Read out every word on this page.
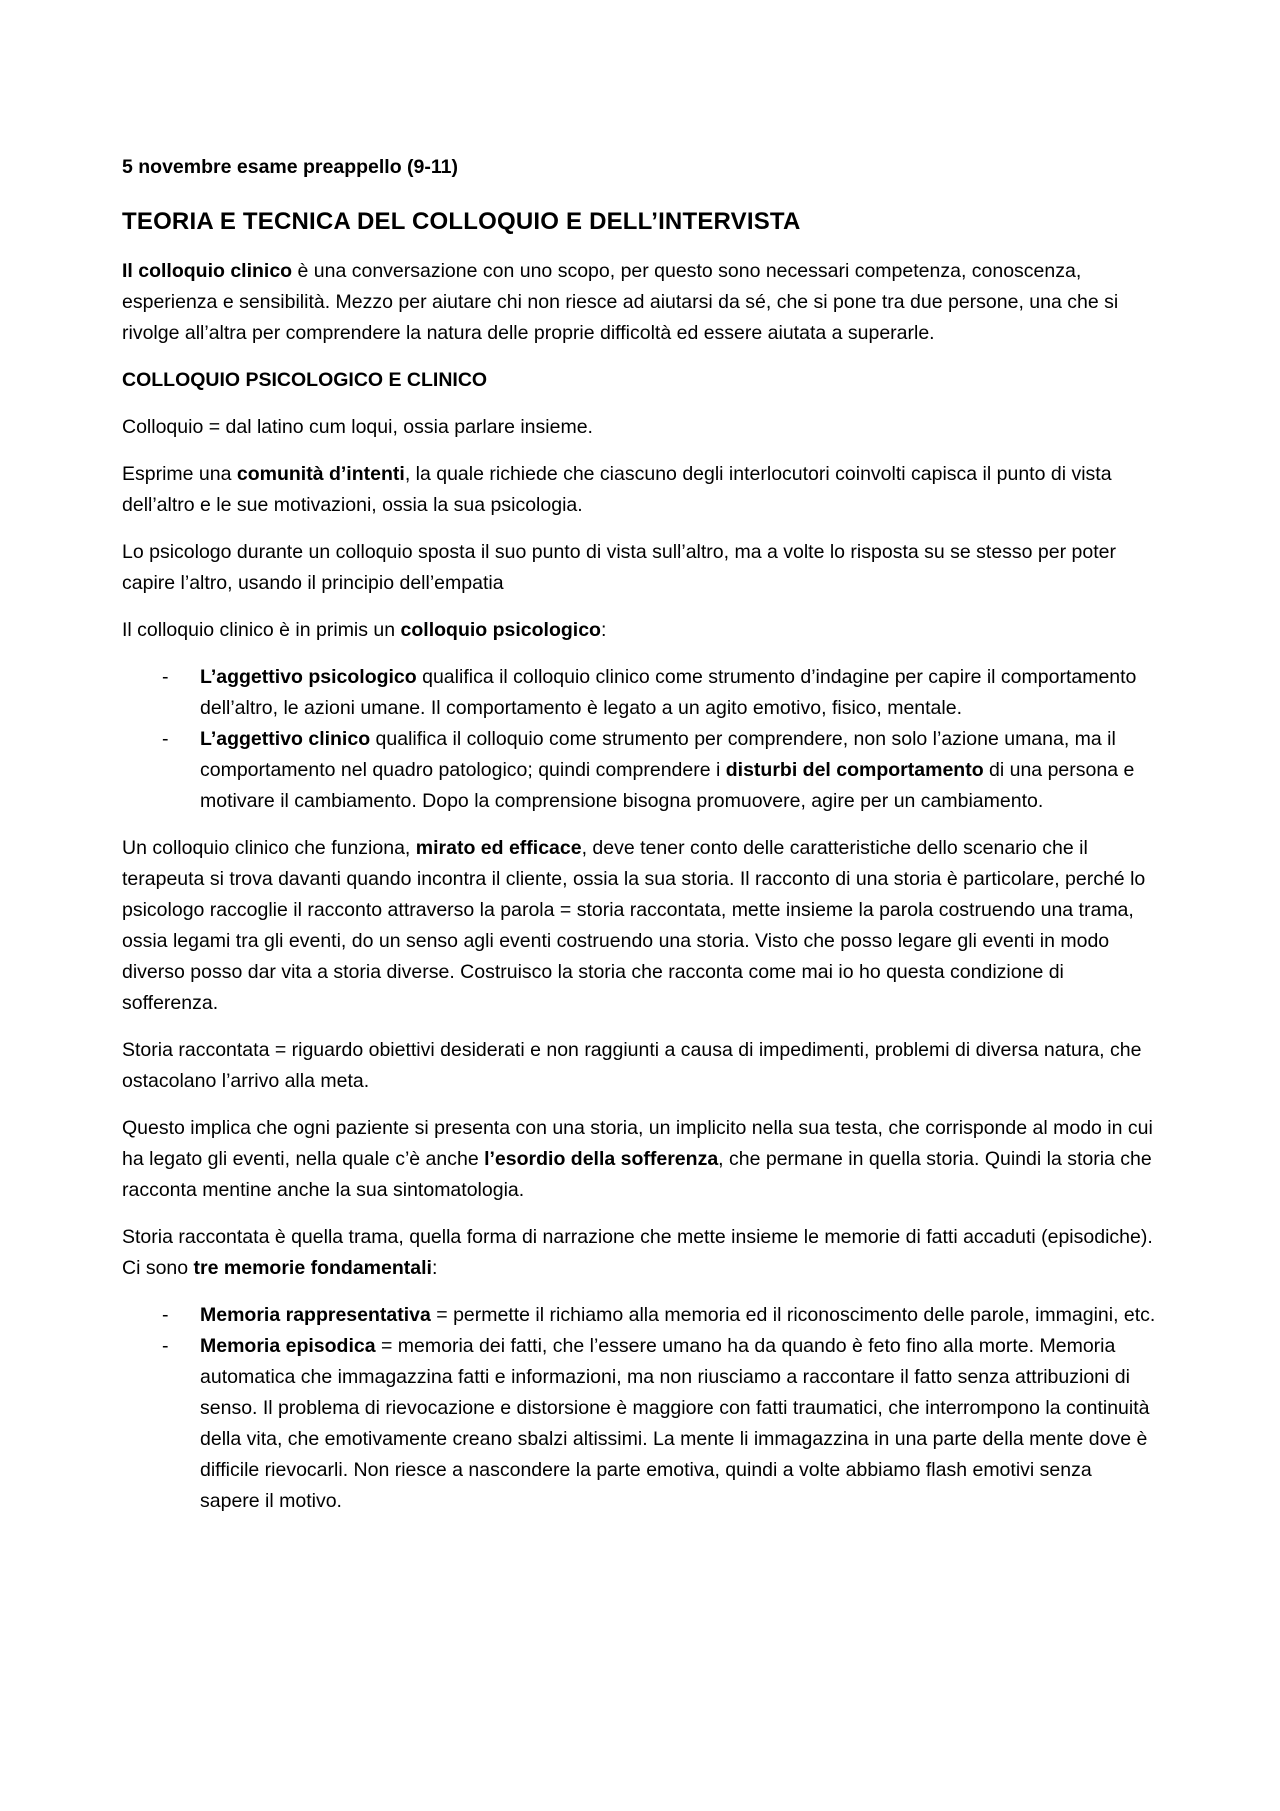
5 novembre esame preappello (9-11)
TEORIA E TECNICA DEL COLLOQUIO E DELL’INTERVISTA

Il colloquio clinico è una conversazione con uno scopo, per questo sono necessari competenza, conoscenza, esperienza e sensibilità. Mezzo per aiutare chi non riesce ad aiutarsi da sé, che si pone tra due persone, una che si rivolge all’altra per comprendere la natura delle proprie difficoltà ed essere aiutata a superarle.

COLLOQUIO PSICOLOGICO E CLINICO

Colloquio = dal latino cum loqui, ossia parlare insieme.

Esprime una comunità d’intenti, la quale richiede che ciascuno degli interlocutori coinvolti capisca il punto di vista dell’altro e le sue motivazioni, ossia la sua psicologia.

Lo psicologo durante un colloquio sposta il suo punto di vista sull’altro, ma a volte lo risposta su se stesso per poter capire l’altro, usando il principio dell’empatia

Il colloquio clinico è in primis un colloquio psicologico:

- L’aggettivo psicologico qualifica il colloquio clinico come strumento d’indagine per capire il comportamento dell’altro, le azioni umane. Il comportamento è legato a un agito emotivo, fisico, mentale.
- L’aggettivo clinico qualifica il colloquio come strumento per comprendere, non solo l’azione umana, ma il comportamento nel quadro patologico; quindi comprendere i disturbi del comportamento di una persona e motivare il cambiamento. Dopo la comprensione bisogna promuovere, agire per un cambiamento.

Un colloquio clinico che funziona, mirato ed efficace, deve tener conto delle caratteristiche dello scenario che il terapeuta si trova davanti quando incontra il cliente, ossia la sua storia. Il racconto di una storia è particolare, perché lo psicologo raccoglie il racconto attraverso la parola = storia raccontata, mette insieme la parola costruendo una trama, ossia legami tra gli eventi, do un senso agli eventi costruendo una storia. Visto che posso legare gli eventi in modo diverso posso dar vita a storia diverse. Costruisco la storia che racconta come mai io ho questa condizione di sofferenza.

Storia raccontata = riguardo obiettivi desiderati e non raggiunti a causa di impedimenti, problemi di diversa natura, che ostacolano l’arrivo alla meta.

Questo implica che ogni paziente si presenta con una storia, un implicito nella sua testa, che corrisponde al modo in cui ha legato gli eventi, nella quale c’è anche l’esordio della sofferenza, che permane in quella storia. Quindi la storia che racconta mentine anche la sua sintomatologia.

Storia raccontata è quella trama, quella forma di narrazione che mette insieme le memorie di fatti accaduti (episodiche). Ci sono tre memorie fondamentali:

- Memoria rappresentativa = permette il richiamo alla memoria ed il riconoscimento delle parole, immagini, etc.
- Memoria episodica = memoria dei fatti, che l’essere umano ha da quando è feto fino alla morte. Memoria automatica che immagazzina fatti e informazioni, ma non riusciamo a raccontare il fatto senza attribuzioni di senso. Il problema di rievocazione e distorsione è maggiore con fatti traumatici, che interrompono la continuità della vita, che emotivamente creano sbalzi altissimi. La mente li immagazzina in una parte della mente dove è difficile rievocarli. Non riesce a nascondere la parte emotiva, quindi a volte abbiamo flash emotivi senza sapere il motivo.
